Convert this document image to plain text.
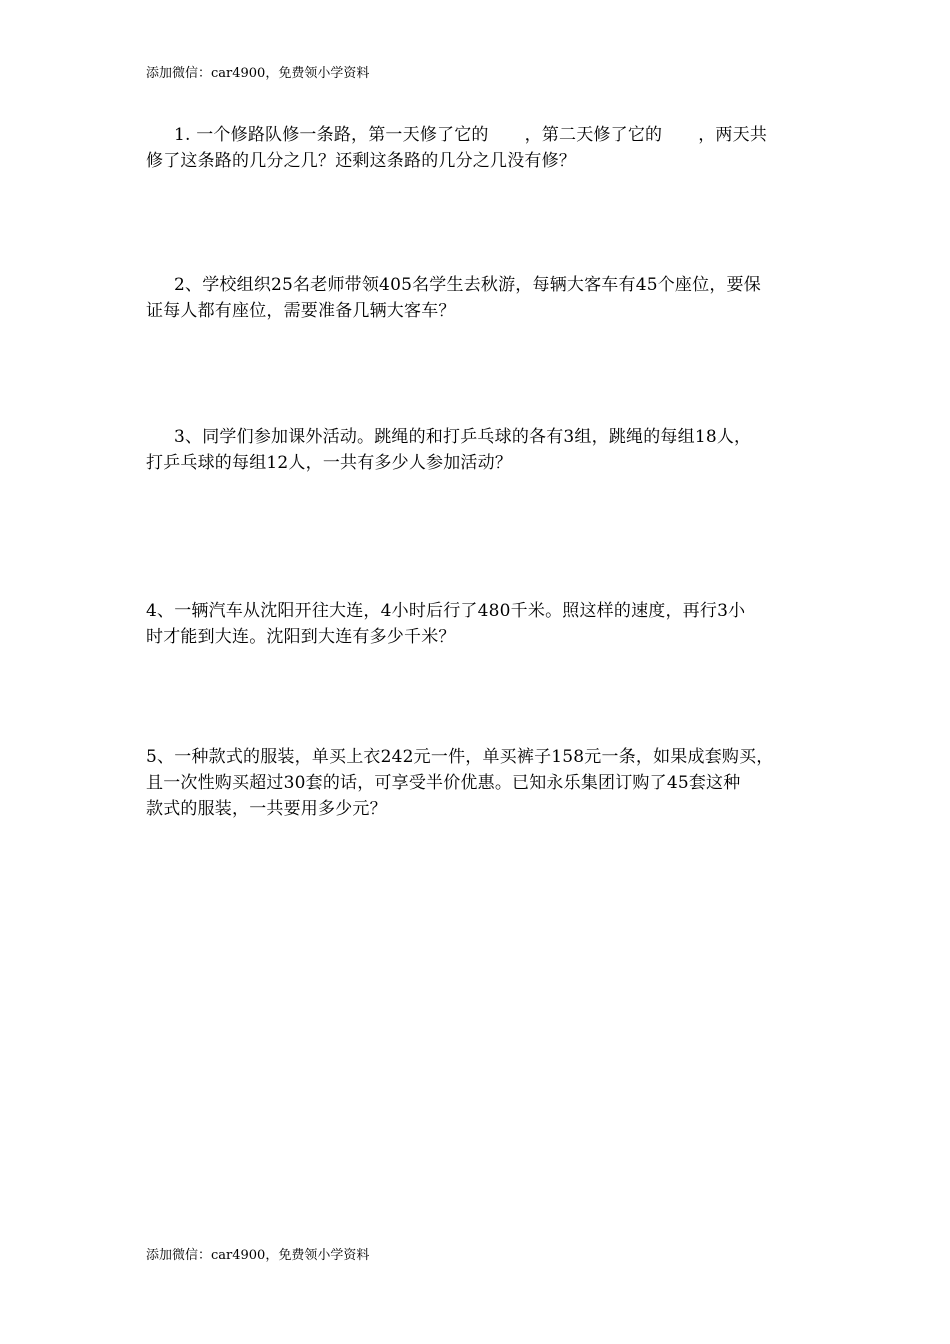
添加微信：car4900，免费领小学资料
1. 一个修路队修一条路，第一天修了它的 ，第二天修了它的 ，两天共
修了这条路的几分之几？还剩这条路的几分之几没有修？
2、学校组织25名老师带领405名学生去秋游，每辆大客车有45个座位，要保
证每人都有座位，需要准备几辆大客车？
3、同学们参加课外活动。跳绳的和打乒乓球的各有3组，跳绳的每组18人，
打乒乓球的每组12人，一共有多少人参加活动？
4、一辆汽车从沈阳开往大连，4小时后行了480千米。照这样的速度，再行3小
时才能到大连。沈阳到大连有多少千米？
5、一种款式的服装，单买上衣242元一件，单买裤子158元一条，如果成套购买，
且一次性购买超过30套的话，可享受半价优惠。已知永乐集团订购了45套这种
款式的服装，一共要用多少元？
添加微信：car4900，免费领小学资料
